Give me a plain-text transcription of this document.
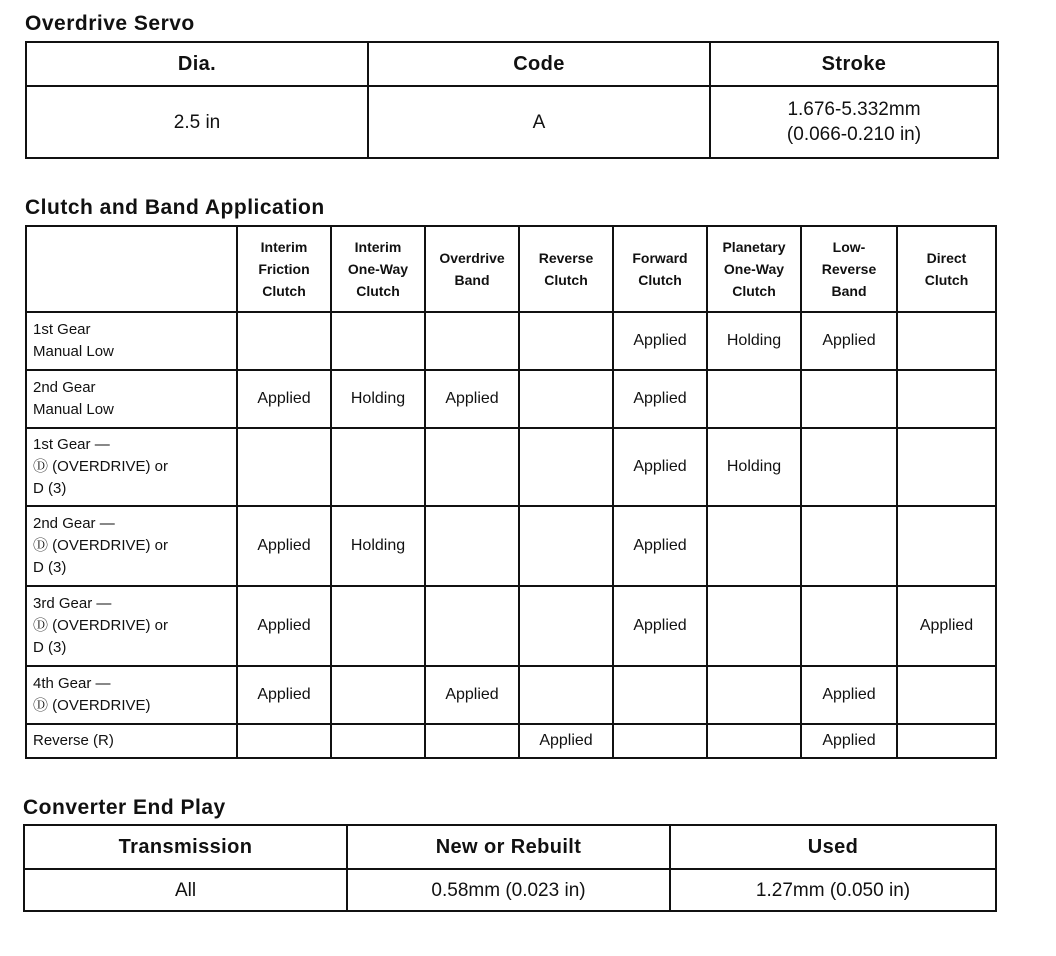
Overdrive Servo
Dia.	Code	Stroke
2.5 in	A	1.676-5.332mm
(0.066-0.210 in)
Clutch and Band Application

	Interim
Friction
Clutch	Interim
One-Way
Clutch	Overdrive
Band	Reverse
Clutch	Forward
Clutch	Planetary
One-Way
Clutch	Low-
Reverse
Band	Direct
Clutch

1st Gear
Manual Low					Applied	Holding	Applied	

2nd Gear
Manual Low	Applied	Holding	Applied		Applied			

1st Gear —
Ⓓ (OVERDRIVE) or
D (3)					Applied	Holding		

2nd Gear —
Ⓓ (OVERDRIVE) or
D (3)	Applied	Holding			Applied			

3rd Gear —
Ⓓ (OVERDRIVE) or
D (3)	Applied				Applied			Applied

4th Gear —
Ⓓ (OVERDRIVE)	Applied		Applied				Applied	

Reverse (R)				Applied			Applied	
Converter End Play
Transmission	New or Rebuilt	Used
All	0.58mm (0.023 in)	1.27mm (0.050 in)
